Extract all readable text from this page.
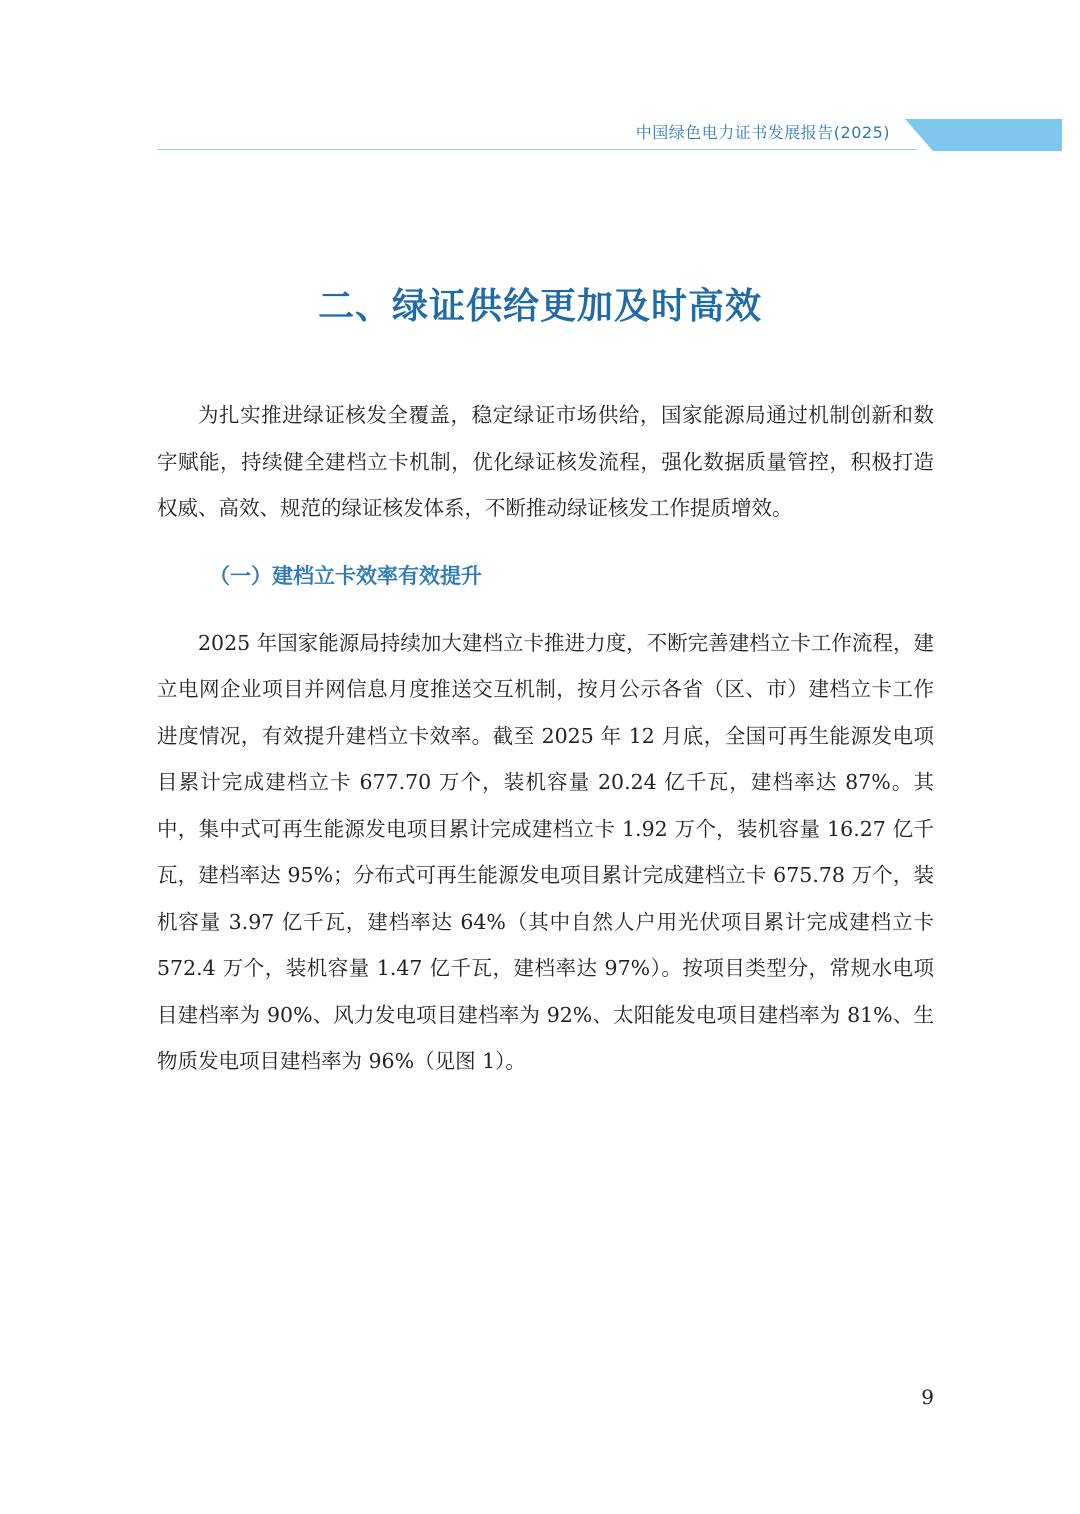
中国绿色电力证书发展报告(2025)
二、绿证供给更加及时高效

为扎实推进绿证核发全覆盖，稳定绿证市场供给，国家能源局通过机制创新和数字赋能，持续健全建档立卡机制，优化绿证核发流程，强化数据质量管控，积极打造权威、高效、规范的绿证核发体系，不断推动绿证核发工作提质增效。

（一）建档立卡效率有效提升

2025 年国家能源局持续加大建档立卡推进力度，不断完善建档立卡工作流程，建立电网企业项目并网信息月度推送交互机制，按月公示各省（区、市）建档立卡工作进度情况，有效提升建档立卡效率。截至 2025 年 12 月底，全国可再生能源发电项目累计完成建档立卡 677.70 万个，装机容量 20.24 亿千瓦，建档率达 87%。其中，集中式可再生能源发电项目累计完成建档立卡 1.92 万个，装机容量 16.27 亿千瓦，建档率达 95%；分布式可再生能源发电项目累计完成建档立卡 675.78 万个，装机容量 3.97 亿千瓦，建档率达 64%（其中自然人户用光伏项目累计完成建档立卡 572.4 万个，装机容量 1.47 亿千瓦，建档率达 97%）。按项目类型分，常规水电项目建档率为 90%、风力发电项目建档率为 92%、太阳能发电项目建档率为 81%、生物质发电项目建档率为 96%（见图 1）。

9
